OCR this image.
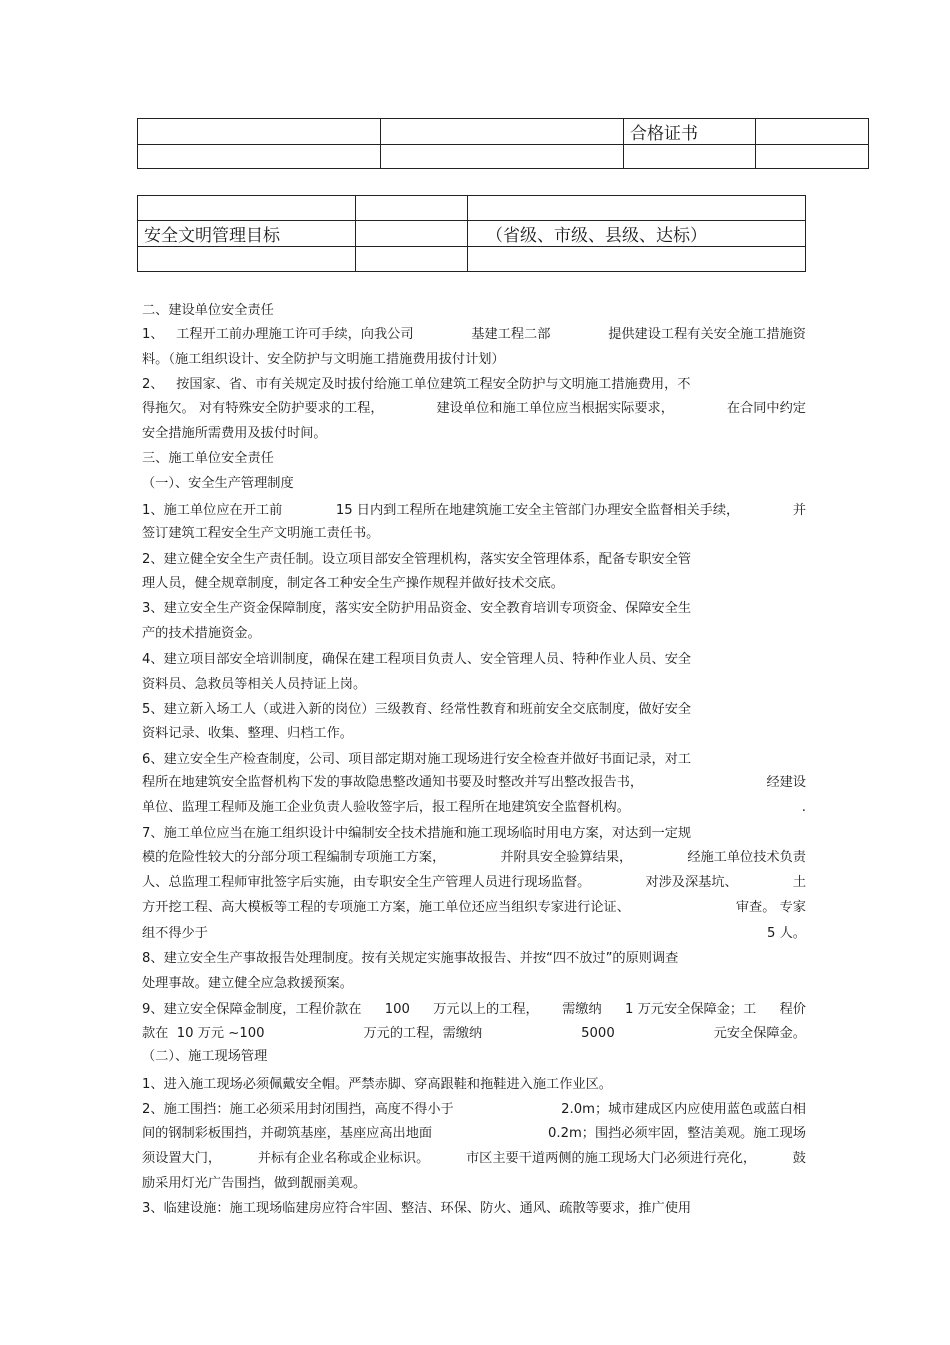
		合格证书	

安全文明管理目标		（省级、市级、县级、达标）

二、建设单位安全责任
1、   工程开工前办理施工许可手续，向我公司	基建工程二部	提供建设工程有关安全施工措施资
料。（施工组织设计、安全防护与文明施工措施费用拔付计划）
2、   按国家、省、市有关规定及时拔付给施工单位建筑工程安全防护与文明施工措施费用，不
得拖欠。 对有特殊安全防护要求的工程，	建设单位和施工单位应当根据实际要求，	在合同中约定
安全措施所需费用及拔付时间。
三、施工单位安全责任
（一）、安全生产管理制度
1、施工单位应在开工前	15 日内到工程所在地建筑施工安全主管部门办理安全监督相关手续，	并
签订建筑工程安全生产文明施工责任书。
2、建立健全安全生产责任制。设立项目部安全管理机构，落实安全管理体系，配备专职安全管
理人员，健全规章制度，制定各工种安全生产操作规程并做好技术交底。
3、建立安全生产资金保障制度，落实安全防护用品资金、安全教育培训专项资金、保障安全生
产的技术措施资金。
4、建立项目部安全培训制度，确保在建工程项目负责人、安全管理人员、特种作业人员、安全
资料员、急救员等相关人员持证上岗。
5、建立新入场工人（或进入新的岗位）三级教育、经常性教育和班前安全交底制度，做好安全
资料记录、收集、整理、归档工作。
6、建立安全生产检查制度，公司、项目部定期对施工现场进行安全检查并做好书面记录，对工
程所在地建筑安全监督机构下发的事故隐患整改通知书要及时整改并写出整改报告书，	经建设
单位、监理工程师及施工企业负责人验收签字后，报工程所在地建筑安全监督机构。	.
7、施工单位应当在施工组织设计中编制安全技术措施和施工现场临时用电方案，对达到一定规
模的危险性较大的分部分项工程编制专项施工方案，	并附具安全验算结果，	经施工单位技术负责
人、总监理工程师审批签字后实施，由专职安全生产管理人员进行现场监督。	对涉及深基坑、	土
方开挖工程、高大模板等工程的专项施工方案，施工单位还应当组织专家进行论证、	审查。 专家
组不得少于	5 人。
8、建立安全生产事故报告处理制度。按有关规定实施事故报告、并按“四不放过”的原则调查
处理事故。建立健全应急救援预案。
9、建立安全保障金制度，工程价款在 100 万元以上的工程， 需缴纳 1 万元安全保障金；工 程价
款在  10 万元 ~100	万元的工程，需缴纳	5000	元安全保障金。
（二）、施工现场管理
1、进入施工现场必须佩戴安全帽。严禁赤脚、穿高跟鞋和拖鞋进入施工作业区。
2、施工围挡：施工必须采用封闭围挡，高度不得小于	2.0m；城市建成区内应使用蓝色或蓝白相
间的钢制彩板围挡，并砌筑基座，基座应高出地面	0.2m；围挡必须牢固，整洁美观。施工现场
须设置大门，	并标有企业名称或企业标识。	市区主要干道两侧的施工现场大门必须进行亮化，	鼓
励采用灯光广告围挡，做到靓丽美观。
3、临建设施：施工现场临建房应符合牢固、整洁、环保、防火、通风、疏散等要求，推广使用
